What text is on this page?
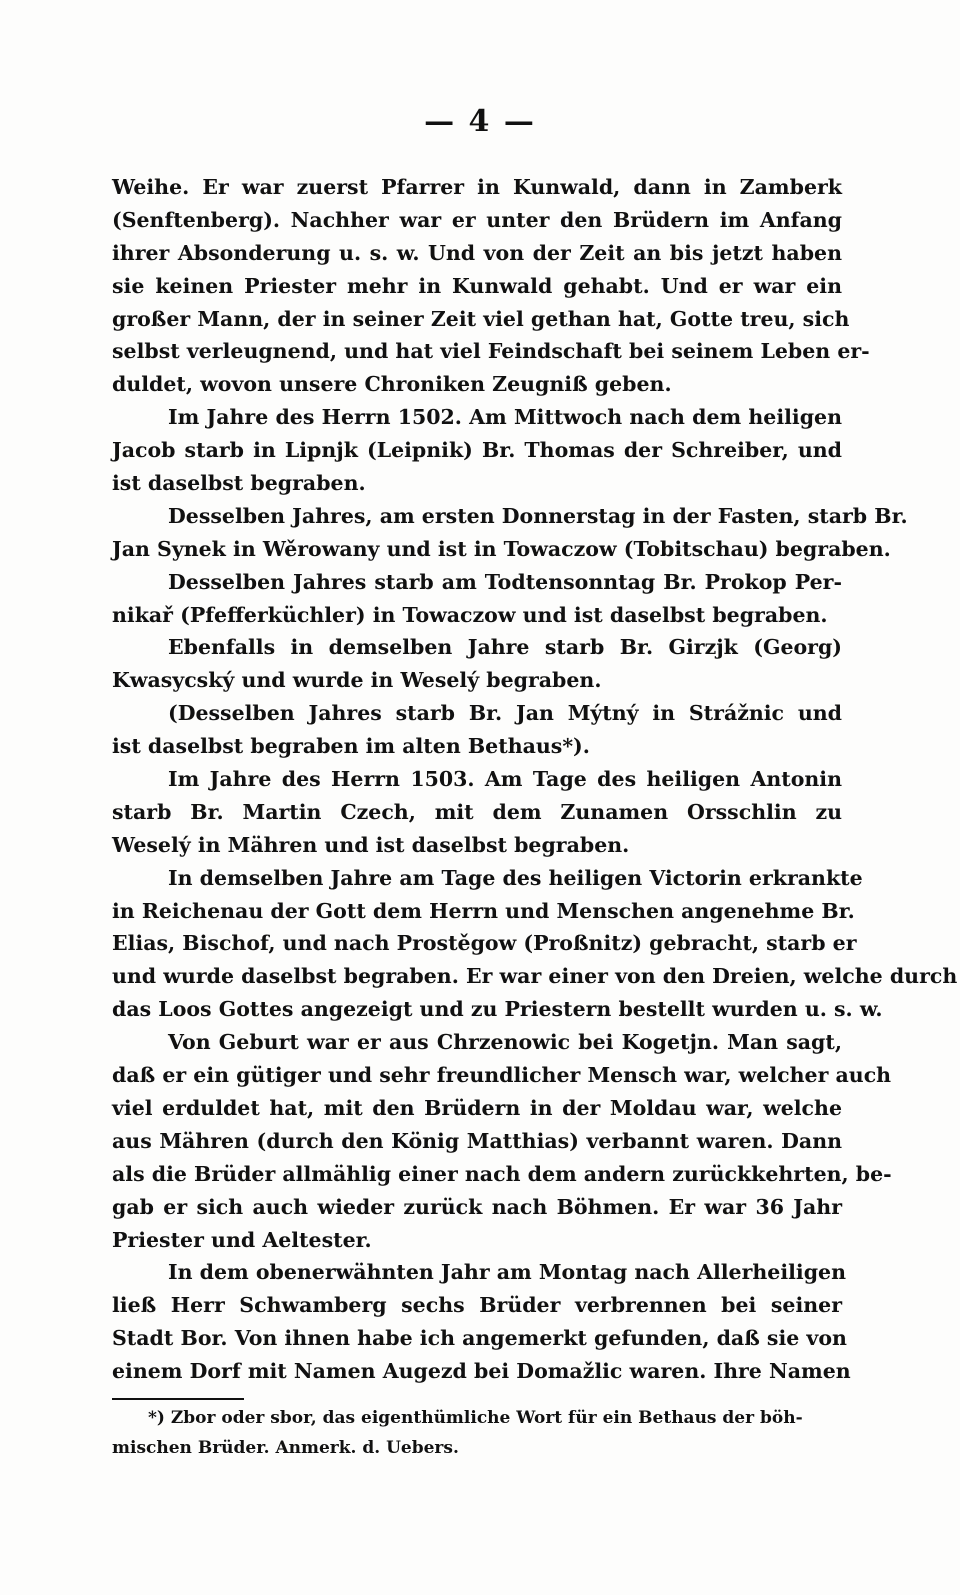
— 4 —
Weihe. Er war zuerst Pfarrer in Kunwald, dann in Zamberk
(Senftenberg). Nachher war er unter den Brüdern im Anfang
ihrer Absonderung u. s. w. Und von der Zeit an bis jetzt haben
sie keinen Priester mehr in Kunwald gehabt. Und er war ein
großer Mann, der in seiner Zeit viel gethan hat, Gotte treu, sich
selbst verleugnend, und hat viel Feindschaft bei seinem Leben er-
duldet, wovon unsere Chroniken Zeugniß geben.
Im Jahre des Herrn 1502. Am Mittwoch nach dem heiligen
Jacob starb in Lipnjk (Leipnik) Br. Thomas der Schreiber, und
ist daselbst begraben.
Desselben Jahres, am ersten Donnerstag in der Fasten, starb Br.
Jan Synek in Wěrowany und ist in Towaczow (Tobitschau) begraben.
Desselben Jahres starb am Todtensonntag Br. Prokop Per-
nikař (Pfefferküchler) in Towaczow und ist daselbst begraben.
Ebenfalls in demselben Jahre starb Br. Girzjk (Georg)
Kwasycský und wurde in Weselý begraben.
(Desselben Jahres starb Br. Jan Mýtný in Strážnic und
ist daselbst begraben im alten Bethaus*).
Im Jahre des Herrn 1503. Am Tage des heiligen Antonin
starb Br. Martin Czech, mit dem Zunamen Orsschlin zu
Weselý in Mähren und ist daselbst begraben.
In demselben Jahre am Tage des heiligen Victorin erkrankte
in Reichenau der Gott dem Herrn und Menschen angenehme Br.
Elias, Bischof, und nach Prostěgow (Proßnitz) gebracht, starb er
und wurde daselbst begraben. Er war einer von den Dreien, welche durch
das Loos Gottes angezeigt und zu Priestern bestellt wurden u. s. w.
Von Geburt war er aus Chrzenowic bei Kogetjn. Man sagt,
daß er ein gütiger und sehr freundlicher Mensch war, welcher auch
viel erduldet hat, mit den Brüdern in der Moldau war, welche
aus Mähren (durch den König Matthias) verbannt waren. Dann
als die Brüder allmählig einer nach dem andern zurückkehrten, be-
gab er sich auch wieder zurück nach Böhmen. Er war 36 Jahr
Priester und Aeltester.
In dem obenerwähnten Jahr am Montag nach Allerheiligen
ließ Herr Schwamberg sechs Brüder verbrennen bei seiner
Stadt Bor. Von ihnen habe ich angemerkt gefunden, daß sie von
einem Dorf mit Namen Augezd bei Domažlic waren. Ihre Namen
*) Zbor oder sbor, das eigenthümliche Wort für ein Bethaus der böh-
mischen Brüder. Anmerk. d. Uebers.
